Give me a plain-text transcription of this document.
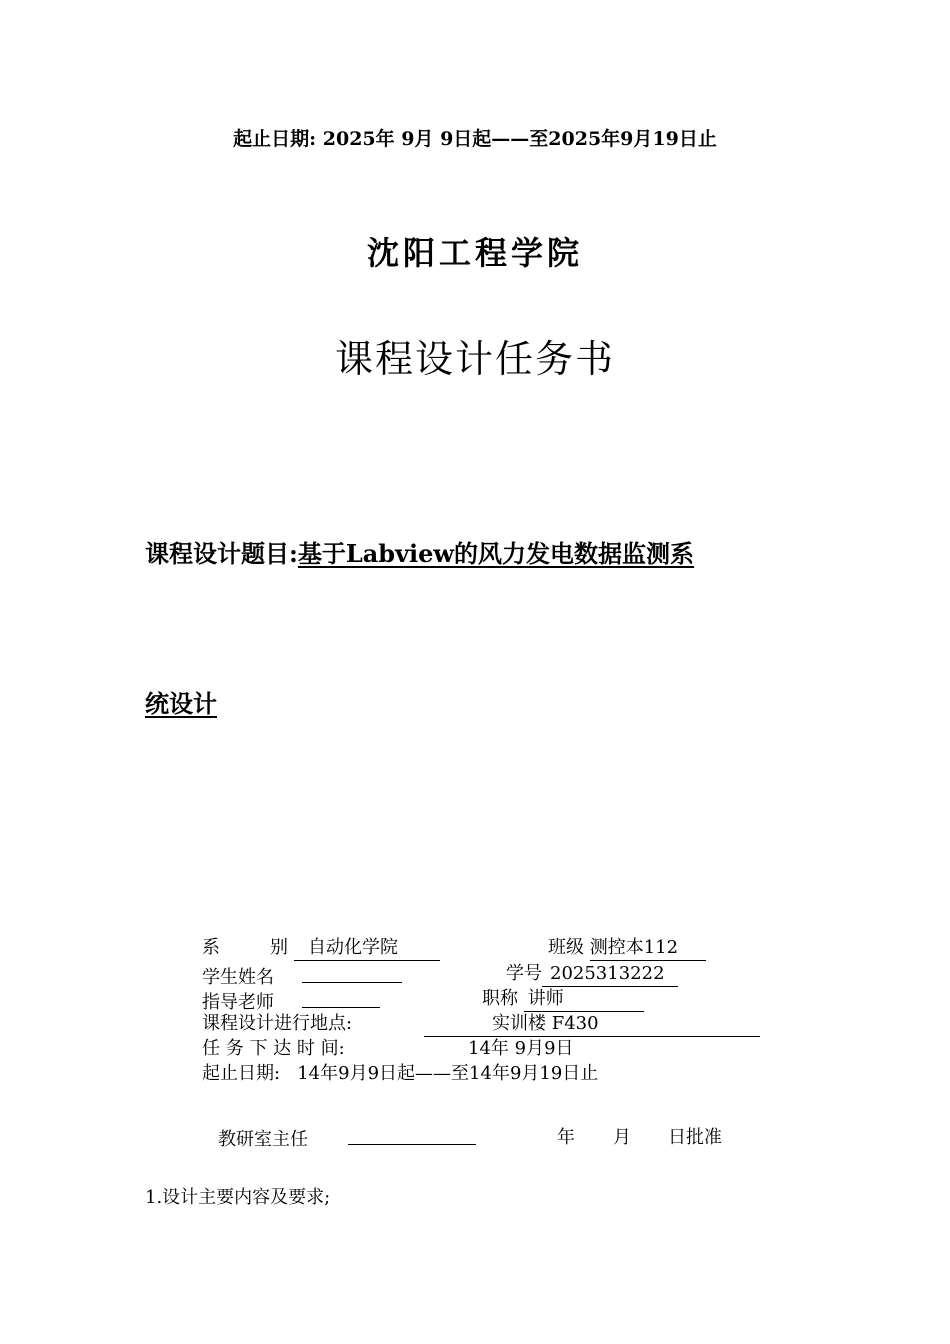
起止日期: 2025年 9月 9日起——至2025年9月19日止
沈阳工程学院
课程设计任务书
课程设计题目:基于Labview的风力发电数据监测系
统设计
系	别 自动化学院	班级 测控本112
学生姓名	学号 2025313222
指导老师	职称 讲师
课程设计进行地点:	实训楼 F430
任 务 下 达 时 间:	14年 9月9日
起止日期:   14年9月9日起——至14年9月19日止
教研室主任	年 月 日批准
1.设计主要内容及要求;
